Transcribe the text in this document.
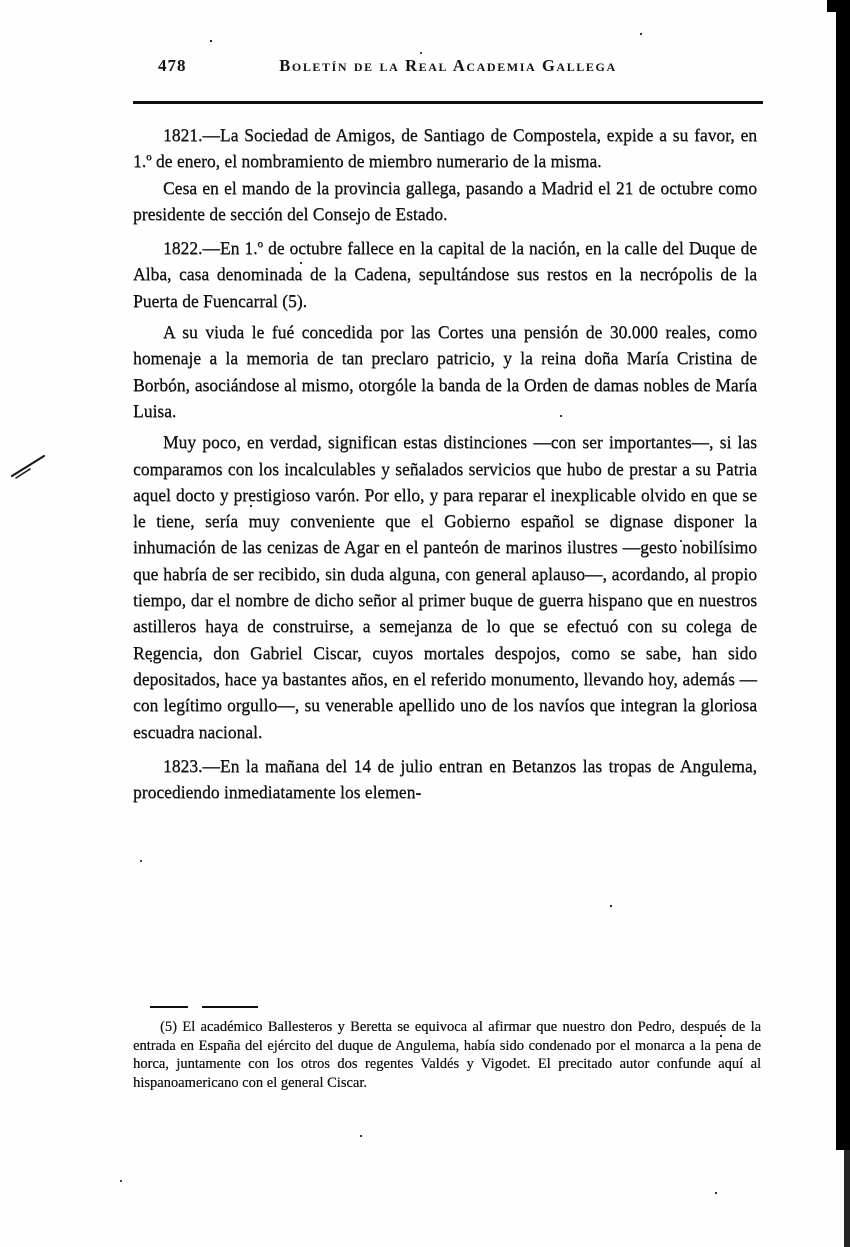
478	Boletín de la Real Academia Gallega

1821.—La Sociedad de Amigos, de Santiago de Compostela, expide a su favor, en 1.º de enero, el nombramiento de miembro numerario de la misma.

Cesa en el mando de la provincia gallega, pasando a Madrid el 21 de octubre como presidente de sección del Consejo de Estado.

1822.—En 1.º de octubre fallece en la capital de la nación, en la calle del Duque de Alba, casa denominada de la Cadena, sepultándose sus restos en la necrópolis de la Puerta de Fuencarral (5).

A su viuda le fué concedida por las Cortes una pensión de 30.000 reales, como homenaje a la memoria de tan preclaro patricio, y la reina doña María Cristina de Borbón, asociándose al mismo, otorgóle la banda de la Orden de damas nobles de María Luisa.

Muy poco, en verdad, significan estas distinciones —con ser importantes—, si las comparamos con los incalculables y señalados servicios que hubo de prestar a su Patria aquel docto y prestigioso varón. Por ello, y para reparar el inexplicable olvido en que se le tiene, sería muy conveniente que el Gobierno español se dignase disponer la inhumación de las cenizas de Agar en el panteón de marinos ilustres —gesto nobilísimo que habría de ser recibido, sin duda alguna, con general aplauso—, acordando, al propio tiempo, dar el nombre de dicho señor al primer buque de guerra hispano que en nuestros astilleros haya de construirse, a semejanza de lo que se efectuó con su colega de Regencia, don Gabriel Ciscar, cuyos mortales despojos, como se sabe, han sido depositados, hace ya bastantes años, en el referido monumento, llevando hoy, además —con legítimo orgullo—, su venerable apellido uno de los navíos que integran la gloriosa escuadra nacional.

1823.—En la mañana del 14 de julio entran en Betanzos las tropas de Angulema, procediendo inmediatamente los elemen-

(5) El académico Ballesteros y Beretta se equivoca al afirmar que nuestro don Pedro, después de la entrada en España del ejército del duque de Angulema, había sido condenado por el monarca a la pena de horca, juntamente con los otros dos regentes Valdés y Vigodet. El precitado autor confunde aquí al hispanoamericano con el general Ciscar.
